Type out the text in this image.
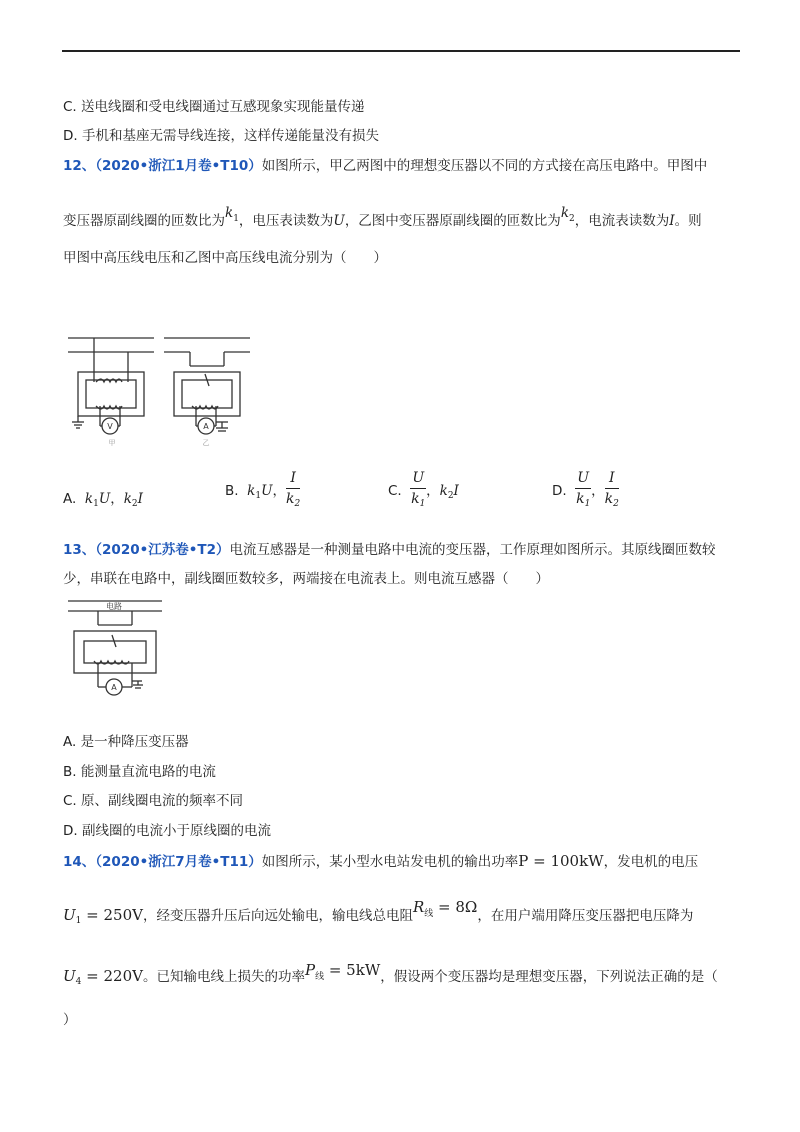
C. 送电线圈和受电线圈通过互感现象实现能量传递
D. 手机和基座无需导线连接，这样传递能量没有损失
12、（2020•浙江1月卷•T10）如图所示，甲乙两图中的理想变压器以不同的方式接在高压电路中。甲图中
变压器原副线圈的匝数比为$k_1$，电压表读数为U，乙图中变压器原副线圈的匝数比为$k_2$，电流表读数为I。则
甲图中高压线电压和乙图中高压线电流分别为（　　）
V	A
甲	乙
A. $k_1U$，$k_2I$	B. $k_1U$， $\frac{I}{k_2}$	C. $\frac{U}{k_1}$ ，$k_2I$	D. $\frac{U}{k_1}$ ， $\frac{I}{k_2}$
13、（2020•江苏卷•T2）电流互感器是一种测量电路中电流的变压器，工作原理如图所示。其原线圈匝数较
少，串联在电路中，副线圈匝数较多，两端接在电流表上。则电流互感器（　　）
电路
A
A. 是一种降压变压器
B. 能测量直流电路的电流
C. 原、副线圈电流的频率不同
D. 副线圈的电流小于原线圈的电流
14、（2020•浙江7月卷•T11）如图所示，某小型水电站发电机的输出功率P = 100kW，发电机的电压
$U_1 = 250V$，经变压器升压后向远处输电，输电线总电阻$R_线 = 8\Omega$，在用户端用降压变压器把电压降为
$U_4 = 220V$。已知输电线上损失的功率$P_线 = 5kW$，假设两个变压器均是理想变压器，下列说法正确的是（
）
